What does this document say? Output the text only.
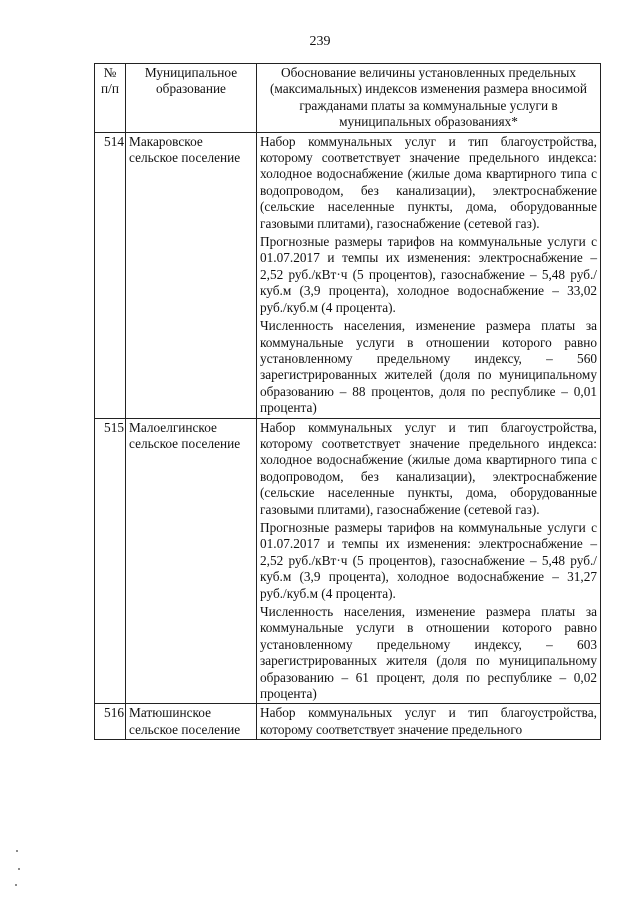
239
№ п/п	Муниципальное образование	Обоснование величины установленных предельных (максимальных) индексов изменения размера вносимой гражданами платы за коммунальные услуги в муниципальных образованиях*
514	Макаровское сельское поселение	Набор коммунальных услуг и тип благоустройства, которому соответствует значение предельного индекса: холодное водоснабжение (жилые дома квартирного типа с водопроводом, без канализации), электроснабжение (сельские населенные пункты, дома, оборудованные газовыми плитами), газоснабжение (сетевой газ).

Прогнозные размеры тарифов на коммунальные услуги с 01.07.2017 и темпы их изменения: электроснабжение – 2,52 руб./кВт·ч (5 процентов), газоснабжение – 5,48 руб./куб.м (3,9 процента), холодное водоснабжение – 33,02 руб./куб.м (4 процента).

Численность населения, изменение размера платы за коммунальные услуги в отношении которого равно установленному предельному индексу, – 560 зарегистрированных жителей (доля по муниципальному образованию – 88 процентов, доля по республике – 0,01 процента)

515	Малоелгинское сельское поселение	Набор коммунальных услуг и тип благоустройства, которому соответствует значение предельного индекса: холодное водоснабжение (жилые дома квартирного типа с водопроводом, без канализации), электроснабжение (сельские населенные пункты, дома, оборудованные газовыми плитами), газоснабжение (сетевой газ).

Прогнозные размеры тарифов на коммунальные услуги с 01.07.2017 и темпы их изменения: электроснабжение – 2,52 руб./кВт·ч (5 процентов), газоснабжение – 5,48 руб./куб.м (3,9 процента), холодное водоснабжение – 31,27 руб./куб.м (4 процента).

Численность населения, изменение размера платы за коммунальные услуги в отношении которого равно установленному предельному индексу, – 603 зарегистрированных жителя (доля по муниципальному образованию – 61 процент, доля по республике – 0,02 процента)

516	Матюшинское сельское поселение	Набор коммунальных услуг и тип благоустройства, которому соответствует значение предельного
